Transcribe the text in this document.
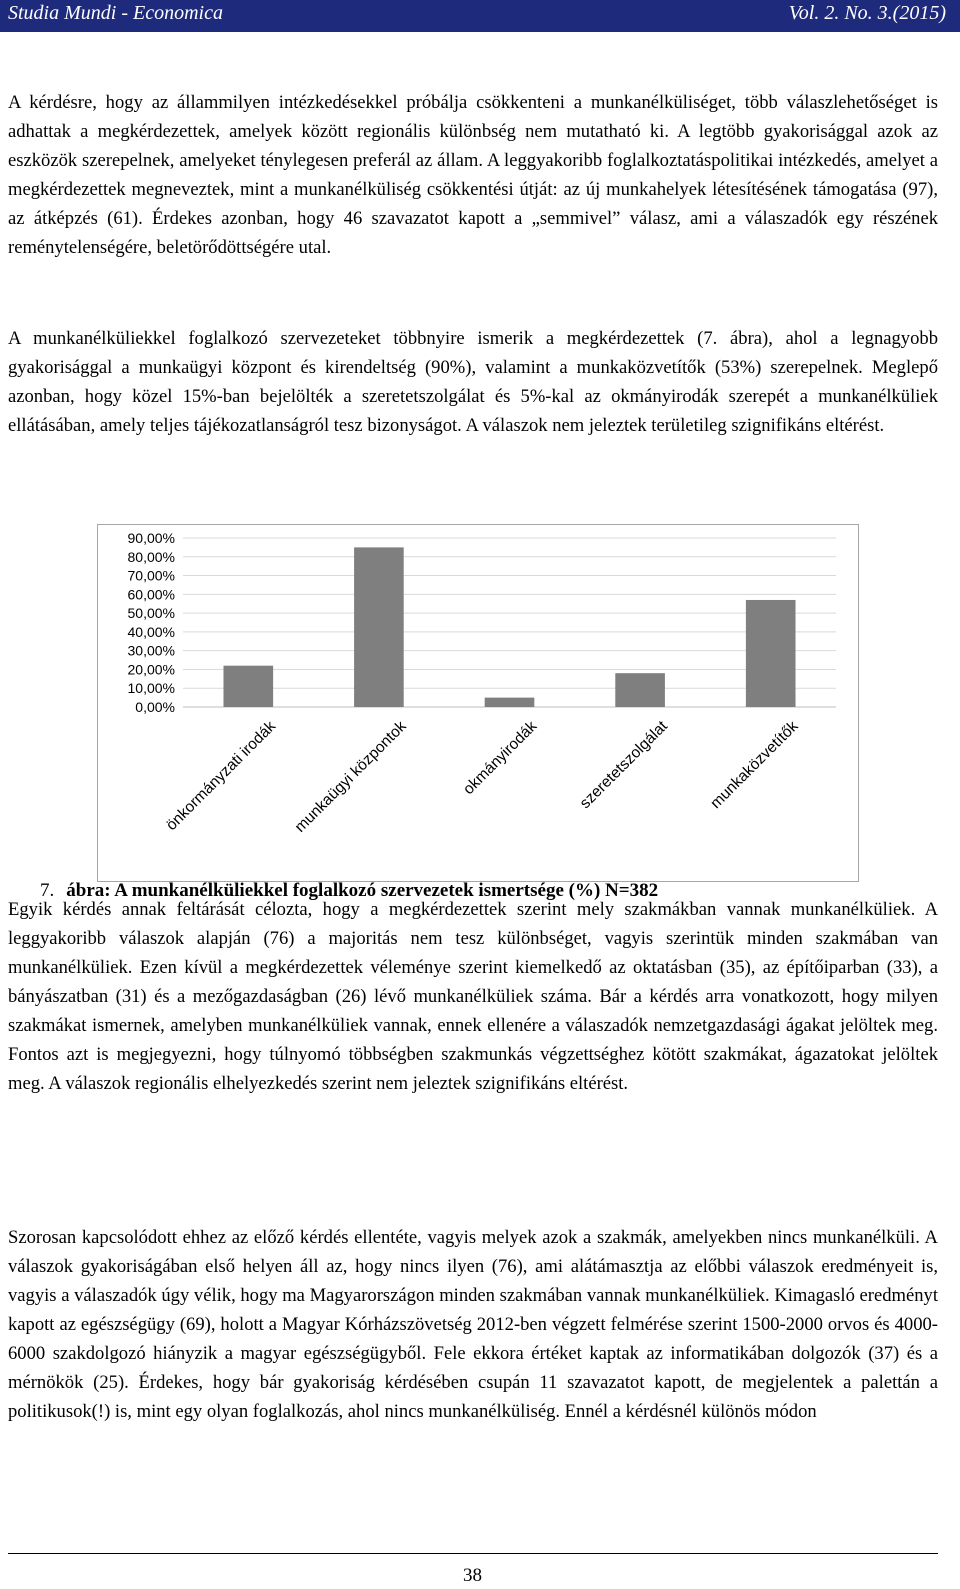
Studia Mundi - Economica	Vol. 2. No. 3.(2015)

A kérdésre, hogy az állammilyen intézkedésekkel próbálja csökkenteni a munkanélküliséget, több válaszlehetőséget is adhattak a megkérdezettek, amelyek között regionális különbség nem mutatható ki. A legtöbb gyakorisággal azok az eszközök szerepelnek, amelyeket ténylegesen preferál az állam. A leggyakoribb foglalkoztatáspolitikai intézkedés, amelyet a megkérdezettek megneveztek, mint a munkanélküliség csökkentési útját: az új munkahelyek létesítésének támogatása (97), az átképzés (61). Érdekes azonban, hogy 46 szavazatot kapott a „semmivel” válasz, ami a válaszadók egy részének reménytelenségére, beletörődöttségére utal.

A munkanélküliekkel foglalkozó szervezeteket többnyire ismerik a megkérdezettek (7. ábra), ahol a legnagyobb gyakorisággal a munkaügyi központ és kirendeltség (90%), valamint a munkaközvetítők (53%) szerepelnek. Meglepő azonban, hogy közel 15%-ban bejelölték a szeretetszolgálat és 5%-kal az okmányirodák szerepét a munkanélküliek ellátásában, amely teljes tájékozatlanságról tesz bizonyságot. A válaszok nem jeleztek területileg szignifikáns eltérést.

0,00%
10,00%
20,00%
30,00%
40,00%
50,00%
60,00%
70,00%
80,00%
90,00%
önkormányzati irodák munkaügyi központok	okmányirodák szeretetszolgálat munkaközvetítők
7. ábra: A munkanélküliekkel foglalkozó szervezetek ismertsége (%) N=382

Egyik kérdés annak feltárását célozta, hogy a megkérdezettek szerint mely szakmákban vannak munkanélküliek. A leggyakoribb válaszok alapján (76) a majoritás nem tesz különbséget, vagyis szerintük minden szakmában van munkanélküliek. Ezen kívül a megkérdezettek véleménye szerint kiemelkedő az oktatásban (35), az építőiparban (33), a bányászatban (31) és a mezőgazdaságban (26) lévő munkanélküliek száma. Bár a kérdés arra vonatkozott, hogy milyen szakmákat ismernek, amelyben munkanélküliek vannak, ennek ellenére a válaszadók nemzetgazdasági ágakat jelöltek meg. Fontos azt is megjegyezni, hogy túlnyomó többségben szakmunkás végzettséghez kötött szakmákat, ágazatokat jelöltek meg. A válaszok regionális elhelyezkedés szerint nem jeleztek szignifikáns eltérést.

Szorosan kapcsolódott ehhez az előző kérdés ellentéte, vagyis melyek azok a szakmák, amelyekben nincs munkanélküli. A válaszok gyakoriságában első helyen áll az, hogy nincs ilyen (76), ami alátámasztja az előbbi válaszok eredményeit is, vagyis a válaszadók úgy vélik, hogy ma Magyarországon minden szakmában vannak munkanélküliek. Kimagasló eredményt kapott az egészségügy (69), holott a Magyar Kórházszövetség 2012-ben végzett felmérése szerint 1500-2000 orvos és 4000-6000 szakdolgozó hiányzik a magyar egészségügyből. Fele ekkora értéket kaptak az informatikában dolgozók (37) és a mérnökök (25). Érdekes, hogy bár gyakoriság kérdésében csupán 11 szavazatot kapott, de megjelentek a palettán a politikusok(!) is, mint egy olyan foglalkozás, ahol nincs munkanélküliség. Ennél a kérdésnél különös módon

38
